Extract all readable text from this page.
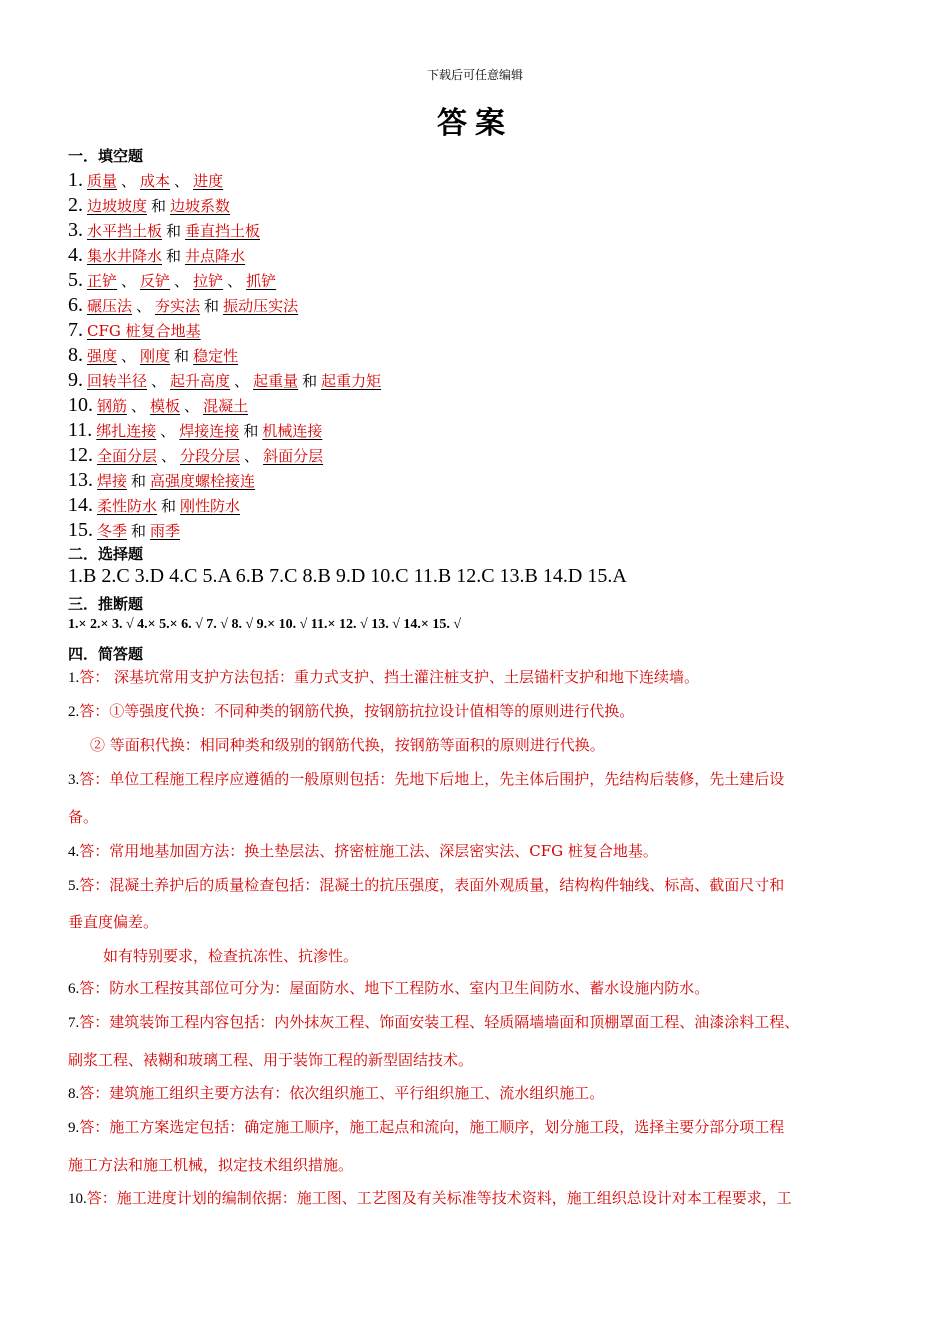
下载后可任意编辑
答案
一．填空题
1. 质量 、 成本 、 进度
2. 边坡坡度 和 边坡系数
3. 水平挡土板 和 垂直挡土板
4. 集水井降水 和 井点降水
5. 正铲 、 反铲 、 拉铲 、 抓铲
6. 碾压法 、 夯实法 和 振动压实法
7. CFG 桩复合地基
8. 强度 、 刚度 和 稳定性
9. 回转半径 、 起升高度 、 起重量 和 起重力矩
10. 钢筋 、 模板 、 混凝土
11. 绑扎连接 、 焊接连接 和 机械连接
12. 全面分层 、 分段分层 、 斜面分层
13. 焊接 和 高强度螺栓接连
14. 柔性防水 和 刚性防水
15. 冬季 和 雨季
二．选择题
1.B 2.C 3.D 4.C 5.A 6.B 7.C 8.B 9.D 10.C 11.B 12.C 13.B 14.D 15.A
三．推断题
1.× 2.× 3. √ 4.× 5.× 6. √ 7. √ 8. √ 9.× 10. √ 11.× 12. √ 13. √ 14.× 15. √
四．简答题
1.答： 深基坑常用支护方法包括：重力式支护、挡土灌注桩支护、土层锚杆支护和地下连续墙。
2.答：①等强度代换：不同种类的钢筋代换，按钢筋抗拉设计值相等的原则进行代换。
② 等面积代换：相同种类和级别的钢筋代换，按钢筋等面积的原则进行代换。
3.答：单位工程施工程序应遵循的一般原则包括：先地下后地上，先主体后围护，先结构后装修，先土建后设
备。
4.答：常用地基加固方法：换土垫层法、挤密桩施工法、深层密实法、CFG 桩复合地基。
5.答：混凝土养护后的质量检查包括：混凝土的抗压强度，表面外观质量，结构构件轴线、标高、截面尺寸和
垂直度偏差。
如有特别要求，检查抗冻性、抗渗性。
6.答：防水工程按其部位可分为：屋面防水、地下工程防水、室内卫生间防水、蓄水设施内防水。
7.答：建筑装饰工程内容包括：内外抹灰工程、饰面安装工程、轻质隔墙墙面和顶棚罩面工程、油漆涂料工程、
刷浆工程、裱糊和玻璃工程、用于装饰工程的新型固结技术。
8.答：建筑施工组织主要方法有：依次组织施工、平行组织施工、流水组织施工。
9.答：施工方案选定包括：确定施工顺序，施工起点和流向，施工顺序，划分施工段，选择主要分部分项工程
施工方法和施工机械，拟定技术组织措施。
10.答：施工进度计划的编制依据：施工图、工艺图及有关标准等技术资料，施工组织总设计对本工程要求，工
